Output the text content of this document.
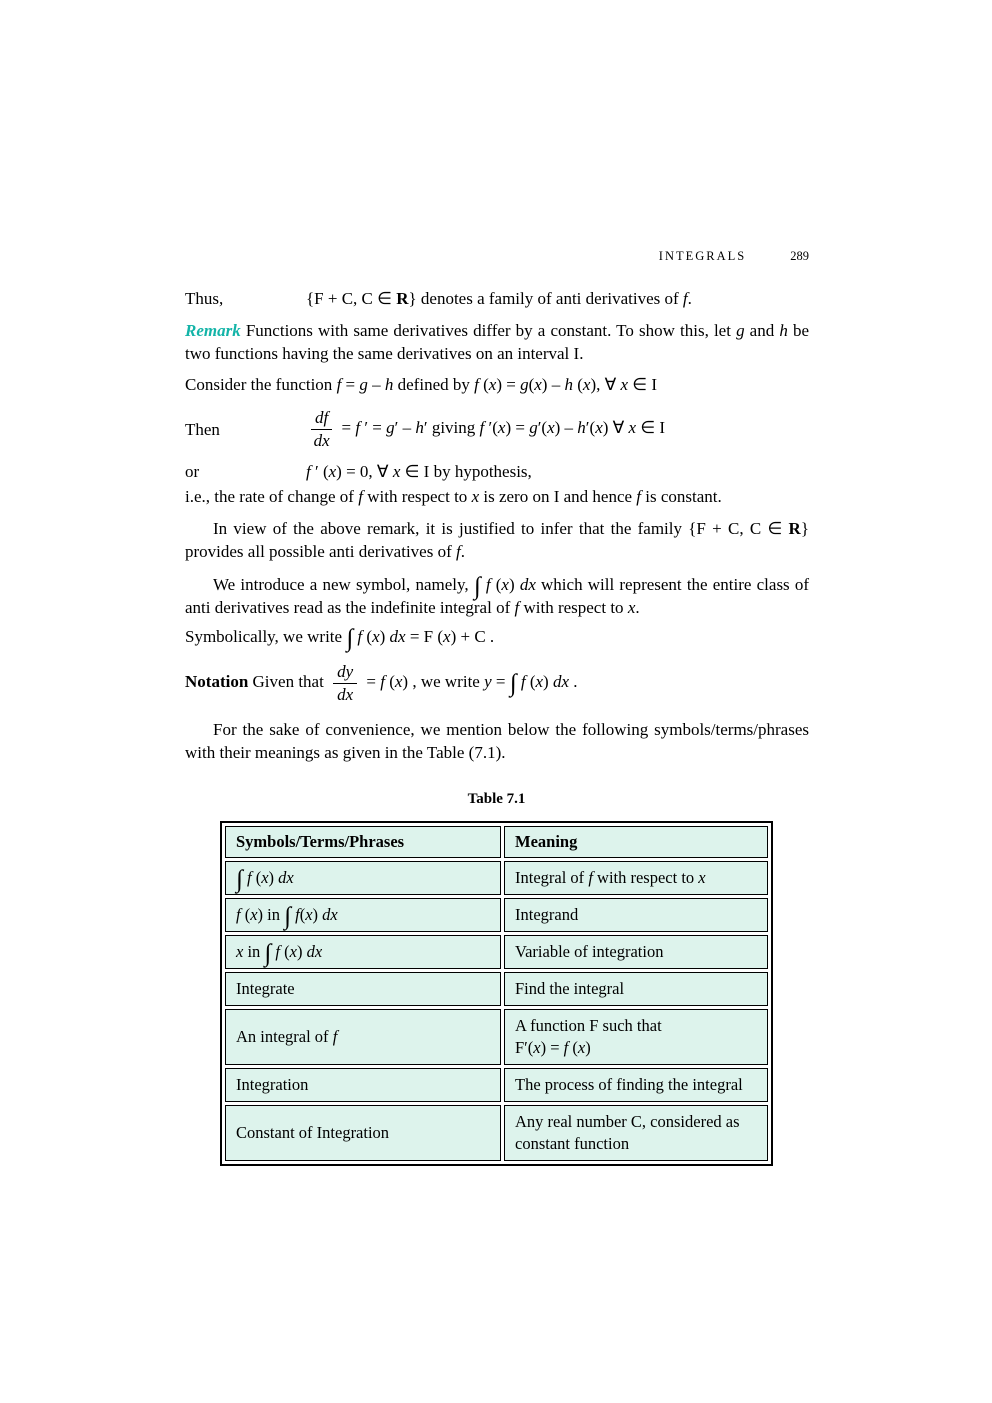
INTEGRALS	289
Thus,	{F + C, C ∈ R} denotes a family of anti derivatives of f.

Remark Functions with same derivatives differ by a constant. To show this, let g and h be two functions having the same derivatives on an interval I.

Consider the function f = g – h defined by f (x) = g(x) – h (x), ∀ x ∈ I

Then	$\frac{df}{dx} = f$ ′ = g′ – h′ giving f ′(x) = g′(x) – h′(x) ∀ x ∈ I
or	f ′ (x) = 0, ∀ x ∈ I by hypothesis,

i.e., the rate of change of f with respect to x is zero on I and hence f is constant.

In view of the above remark, it is justified to infer that the family {F + C, C ∈ R} provides all possible anti derivatives of f.

We introduce a new symbol, namely, ∫ f (x) dx which will represent the entire class of anti derivatives read as the indefinite integral of f with respect to x.

Symbolically, we write ∫ f (x) dx = F (x) + C .

Notation Given that $\frac{dy}{dx} = f$ (x) , we write y = ∫ f (x) dx .

For the sake of convenience, we mention below the following symbols/terms/phrases with their meanings as given in the Table (7.1).

Table 7.1
Symbols/Terms/Phrases	Meaning
∫ f (x) dx	Integral of f with respect to x
f (x) in ∫ f(x) dx	Integrand
x in ∫ f (x) dx	Variable of integration
Integrate	Find the integral
An integral of f	A function F such that
F′(x) = f (x)
Integration	The process of finding the integral
Constant of Integration	Any real number C, considered as constant function
